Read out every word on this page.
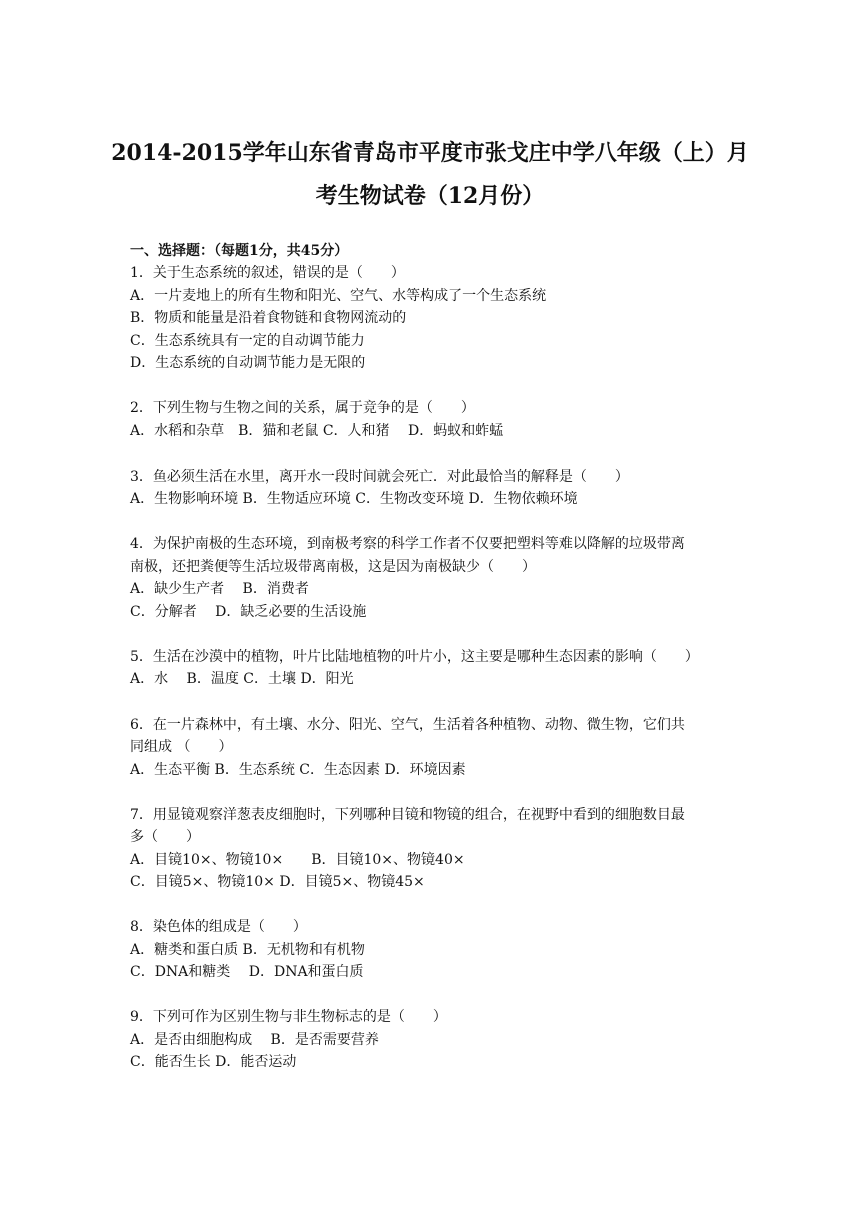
2014-2015学年山东省青岛市平度市张戈庄中学八年级（上）月
考生物试卷（12月份）
一、选择题：（每题1分，共45分）
1．关于生态系统的叙述，错误的是（　　）
A．一片麦地上的所有生物和阳光、空气、水等构成了一个生态系统
B．物质和能量是沿着食物链和食物网流动的
C．生态系统具有一定的自动调节能力
D．生态系统的自动调节能力是无限的
2．下列生物与生物之间的关系，属于竞争的是（　　）
A．水稻和杂草　B．猫和老鼠 C．人和猪　 D．蚂蚁和蚱蜢
3．鱼必须生活在水里，离开水一段时间就会死亡．对此最恰当的解释是（　　）
A．生物影响环境 B．生物适应环境 C．生物改变环境 D．生物依赖环境
4．为保护南极的生态环境，到南极考察的科学工作者不仅要把塑料等难以降解的垃圾带离
南极，还把粪便等生活垃圾带离南极，这是因为南极缺少（　　）
A．缺少生产者　 B．消费者
C．分解者　 D．缺乏必要的生活设施
5．生活在沙漠中的植物，叶片比陆地植物的叶片小，这主要是哪种生态因素的影响（　　）
A．水　 B．温度 C．土壤 D．阳光
6．在一片森林中，有土壤、水分、阳光、空气，生活着各种植物、动物、微生物，它们共
同组成 （　　）
A．生态平衡 B．生态系统 C．生态因素 D．环境因素
7．用显镜观察洋葱表皮细胞时，下列哪种目镜和物镜的组合，在视野中看到的细胞数目最
多（　　）
A．目镜10×、物镜10×　　B．目镜10×、物镜40×
C．目镜5×、物镜10× D．目镜5×、物镜45×
8．染色体的组成是（　　）
A．糖类和蛋白质 B．无机物和有机物
C．DNA和糖类　 D．DNA和蛋白质
9．下列可作为区别生物与非生物标志的是（　　）
A．是否由细胞构成　 B．是否需要营养
C．能否生长 D．能否运动
